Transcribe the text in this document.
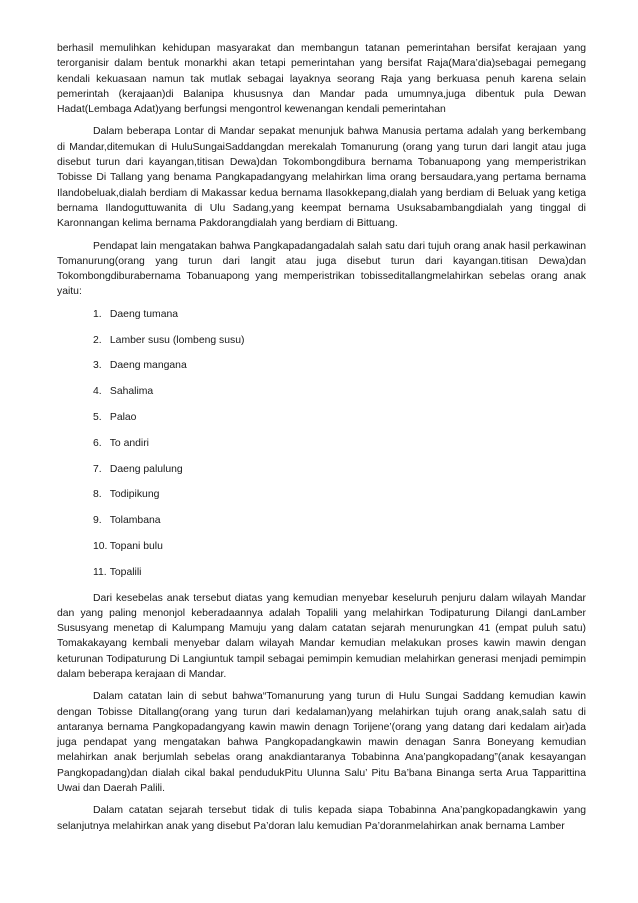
berhasil memulihkan kehidupan masyarakat dan membangun tatanan pemerintahan bersifat kerajaan yang terorganisir dalam bentuk monarkhi akan tetapi pemerintahan yang bersifat Raja(Mara’dia)sebagai pemegang kendali kekuasaan namun tak mutlak sebagai layaknya seorang Raja yang berkuasa penuh karena selain pemerintah (kerajaan)di Balanipa khususnya dan Mandar pada umumnya,juga dibentuk pula Dewan Hadat(Lembaga Adat)yang berfungsi mengontrol kewenangan kendali pemerintahan

Dalam beberapa Lontar di Mandar sepakat menunjuk bahwa Manusia pertama adalah yang berkembang di Mandar,ditemukan di HuluSungaiSaddangdan merekalah Tomanurung (orang yang turun dari langit atau juga disebut turun dari kayangan,titisan Dewa)dan Tokombongdibura bernama Tobanuapong yang memperistrikan Tobisse Di Tallang yang benama Pangkapadangyang melahirkan lima orang bersaudara,yang pertama bernama Ilandobeluak,dialah berdiam di Makassar kedua bernama Ilasokkepang,dialah yang berdiam di Beluak yang ketiga bernama Ilandoguttuwanita di Ulu Sadang,yang keempat bernama Usuksabambangdialah yang tinggal di Karonnangan kelima bernama Pakdorangdialah yang berdiam di Bittuang.

Pendapat lain mengatakan bahwa Pangkapadangadalah salah satu dari tujuh orang anak hasil perkawinan Tomanurung(orang yang turun dari langit atau juga disebut turun dari kayangan.titisan Dewa)dan Tokombongdiburabernama Tobanuapong yang memperistrikan tobisseditallangmelahirkan sebelas orang anak yaitu:

1. Daeng tumana
2. Lamber susu (lombeng susu)
3. Daeng mangana
4. Sahalima
5. Palao
6. To andiri
7. Daeng palulung
8. Todipikung
9. Tolambana
10. Topani bulu
11. Topalili

Dari kesebelas anak tersebut diatas yang kemudian menyebar keseluruh penjuru dalam wilayah Mandar dan yang paling menonjol keberadaannya adalah Topalili yang melahirkan Todipaturung Dilangi danLamber Sususyang menetap di Kalumpang Mamuju yang dalam catatan sejarah menurungkan 41 (empat puluh satu) Tomakakayang kembali menyebar dalam wilayah Mandar kemudian melakukan proses kawin mawin dengan keturunan Todipaturung Di Langiuntuk tampil sebagai pemimpin kemudian melahirkan generasi menjadi pemimpin dalam beberapa kerajaan di Mandar.

Dalam catatan lain di sebut bahwa“Tomanurung yang turun di Hulu Sungai Saddang kemudian kawin dengan Tobisse Ditallang(orang yang turun dari kedalaman)yang melahirkan tujuh orang anak,salah satu di antaranya bernama Pangkopadangyang kawin mawin denagn Torijene’(orang yang datang dari kedalam air)ada juga pendapat yang mengatakan bahwa Pangkopadangkawin mawin denagan Sanra Boneyang kemudian melahirkan anak berjumlah sebelas orang anakdiantaranya Tobabinna Ana’pangkopadang”(anak kesayangan Pangkopadang)dan dialah cikal bakal pendudukPitu Ulunna Salu’ Pitu Ba’bana Binanga serta Arua Tapparittina Uwai dan Daerah Palili.

Dalam catatan sejarah tersebut tidak di tulis kepada siapa Tobabinna Ana’pangkopadangkawin yang selanjutnya melahirkan anak yang disebut Pa’doran lalu kemudian Pa’doranmelahirkan anak bernama Lamber
